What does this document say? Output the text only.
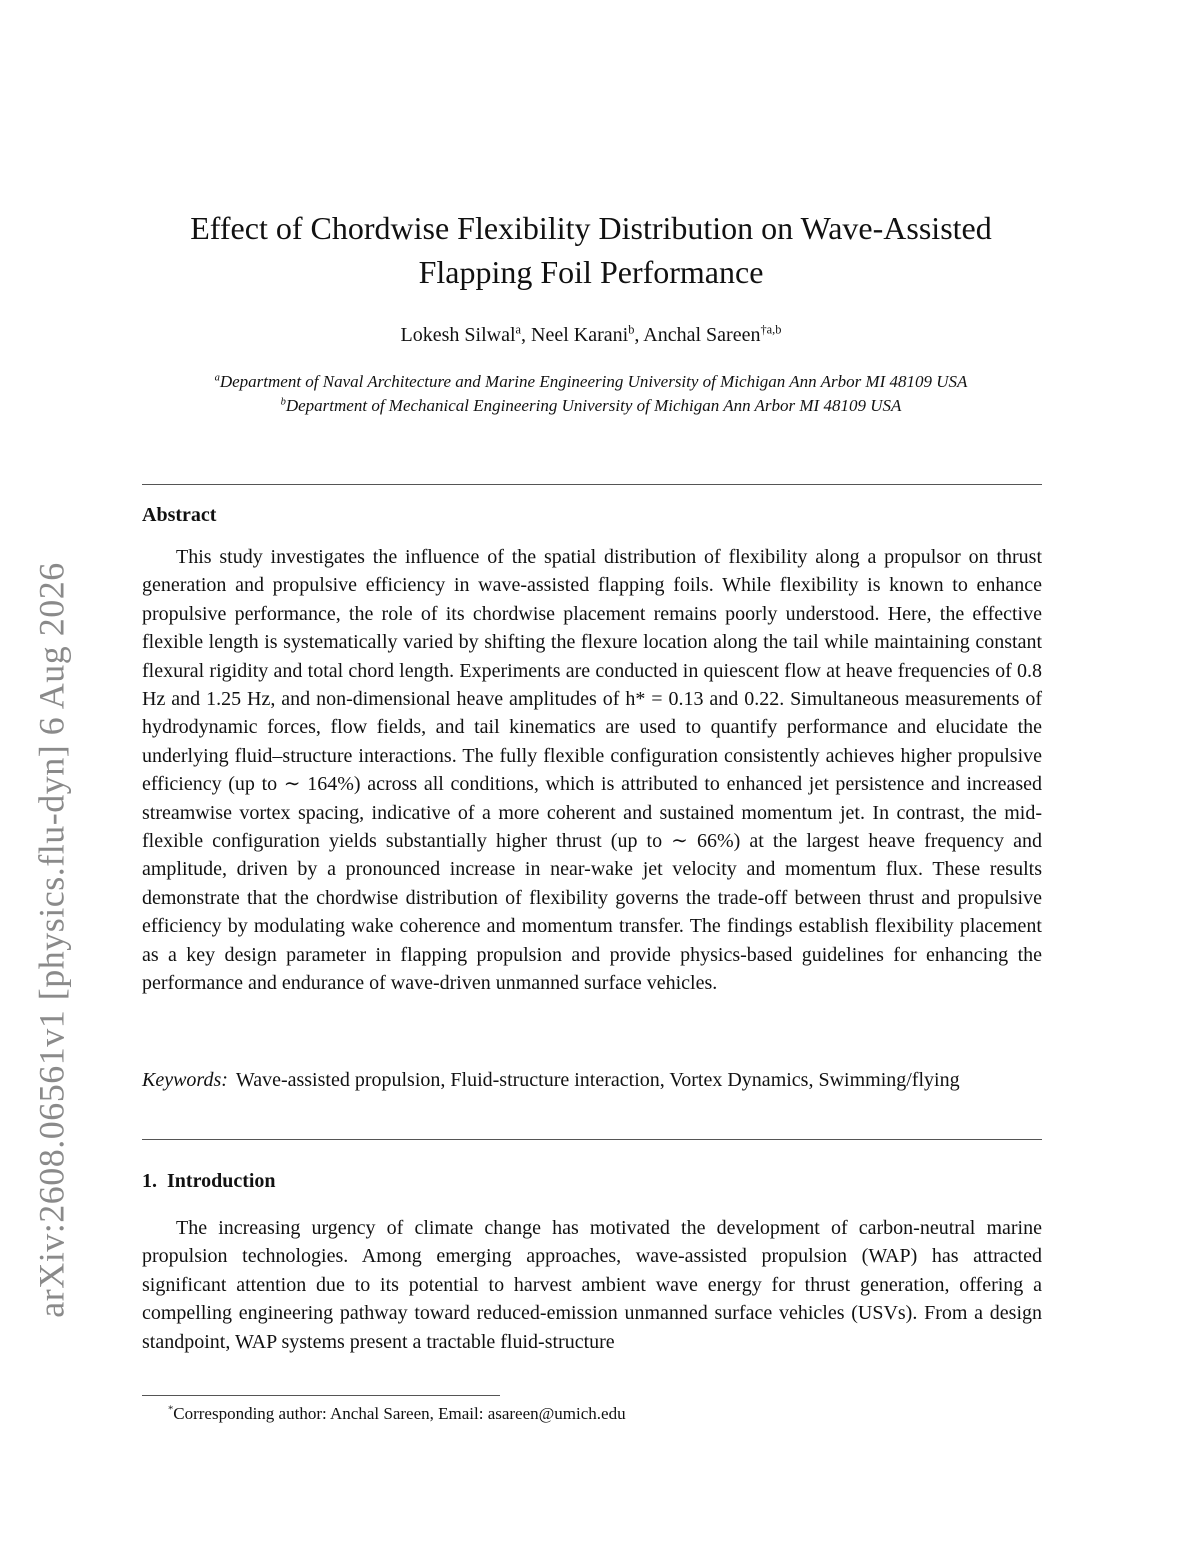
arXiv:2608.06561v1 [physics.flu-dyn] 6 Aug 2026
Effect of Chordwise Flexibility Distribution on Wave-Assisted Flapping Foil Performance
Lokesh Silwal$^a$, Neel Karani$^b$, Anchal Sareen$^{\dagger a,b}$
$^a$Department of Naval Architecture and Marine Engineering University of Michigan Ann Arbor MI 48109 USA
$^b$Department of Mechanical Engineering University of Michigan Ann Arbor MI 48109 USA
Abstract

This study investigates the influence of the spatial distribution of flexibility along a propulsor on thrust generation and propulsive efficiency in wave-assisted flapping foils. While flexibility is known to enhance propulsive performance, the role of its chordwise placement remains poorly understood. Here, the effective flexible length is systematically varied by shifting the flexure location along the tail while maintaining constant flexural rigidity and total chord length. Experiments are conducted in quiescent flow at heave frequencies of 0.8 Hz and 1.25 Hz, and non-dimensional heave amplitudes of h* = 0.13 and 0.22. Simultaneous measurements of hydrodynamic forces, flow fields, and tail kinematics are used to quantify performance and elucidate the underlying fluid–structure interactions. The fully flexible configuration consistently achieves higher propulsive efficiency (up to ∼ 164%) across all conditions, which is attributed to enhanced jet persistence and increased streamwise vortex spacing, indicative of a more coherent and sustained momentum jet. In contrast, the mid-flexible configuration yields substantially higher thrust (up to ∼ 66%) at the largest heave frequency and amplitude, driven by a pronounced increase in near-wake jet velocity and momentum flux. These results demonstrate that the chordwise distribution of flexibility governs the trade-off between thrust and propulsive efficiency by modulating wake coherence and momentum transfer. The findings establish flexibility placement as a key design parameter in flapping propulsion and provide physics-based guidelines for enhancing the performance and endurance of wave-driven unmanned surface vehicles.

Keywords: Wave-assisted propulsion, Fluid-structure interaction, Vortex Dynamics, Swimming/flying
1. Introduction

The increasing urgency of climate change has motivated the development of carbon-neutral marine propulsion technologies. Among emerging approaches, wave-assisted propulsion (WAP) has attracted significant attention due to its potential to harvest ambient wave energy for thrust generation, offering a compelling engineering pathway toward reduced-emission unmanned surface vehicles (USVs). From a design standpoint, WAP systems present a tractable fluid-structure

*Corresponding author: Anchal Sareen, Email: asareen@umich.edu
